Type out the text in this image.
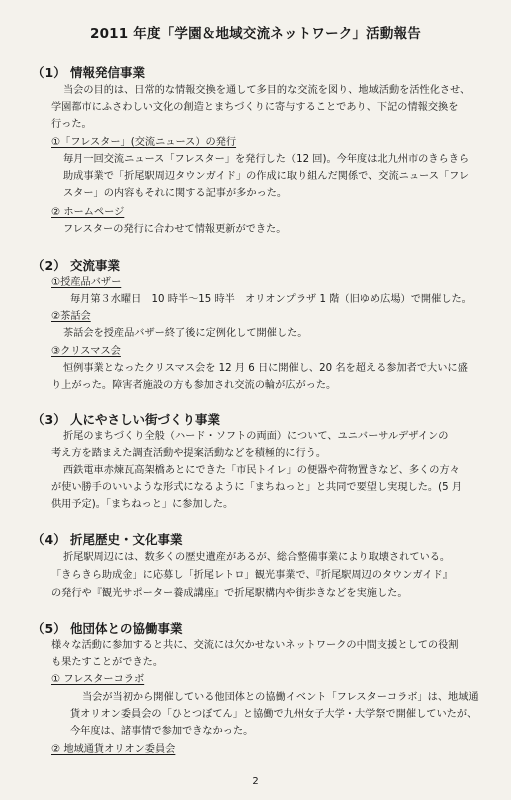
2011 年度「学園＆地域交流ネットワーク」活動報告
（1） 情報発信事業
当会の目的は、日常的な情報交換を通して多目的な交流を図り、地域活動を活性化させ、
学園都市にふさわしい文化の創造とまちづくりに寄与することであり、下記の情報交換を
行った。
①「フレスター」(交流ニュース）の発行
毎月一回交流ニュース「フレスター」を発行した（12 回)。今年度は北九州市のきらきら
助成事業で「折尾駅周辺タウンガイド」の作成に取り組んだ関係で、交流ニュース「フレ
スター」の内容もそれに関する記事が多かった。
② ホームページ
フレスターの発行に合わせて情報更新ができた。
（2） 交流事業
①授産品バザー
毎月第３水曜日　10 時半～15 時半　オリオンプラザ 1 階（旧ゆめ広場）で開催した。
②茶話会
茶話会を授産品バザー終了後に定例化して開催した。
③クリスマス会
恒例事業となったクリスマス会を 12 月 6 日に開催し、20 名を超える参加者で大いに盛
り上がった。障害者施設の方も参加され交流の輪が広がった。
（3） 人にやさしい街づくり事業
折尾のまちづくり全般（ハード・ソフトの両面）について、ユニバーサルデザインの
考え方を踏まえた調査活動や提案活動などを積極的に行う。
西鉄電車赤煉瓦高架橋あとにできた「市民トイレ」の便器や荷物置きなど、多くの方々
が使い勝手のいいような形式になるように「まちねっと」と共同で要望し実現した。(5 月
供用予定)。「まちねっと」に参加した。
（4） 折尾歴史・文化事業
折尾駅周辺には、数多くの歴史遺産があるが、総合整備事業により取壊されている。
「きらきら助成金」に応募し「折尾レトロ」観光事業で、『折尾駅周辺のタウンガイド』
の発行や『観光サポーター養成講座』で折尾駅構内や街歩きなどを実施した。
（5） 他団体との協働事業
様々な活動に参加すると共に、交流には欠かせないネットワークの中間支援としての役割
も果たすことができた。
① フレスターコラボ
当会が当初から開催している他団体との協働イベント「フレスターコラボ」は、地域通
貨オリオン委員会の「ひとつぼてん」と協働で九州女子大学・大学祭で開催していたが、
今年度は、諸事情で参加できなかった。
② 地域通貨オリオン委員会
2
